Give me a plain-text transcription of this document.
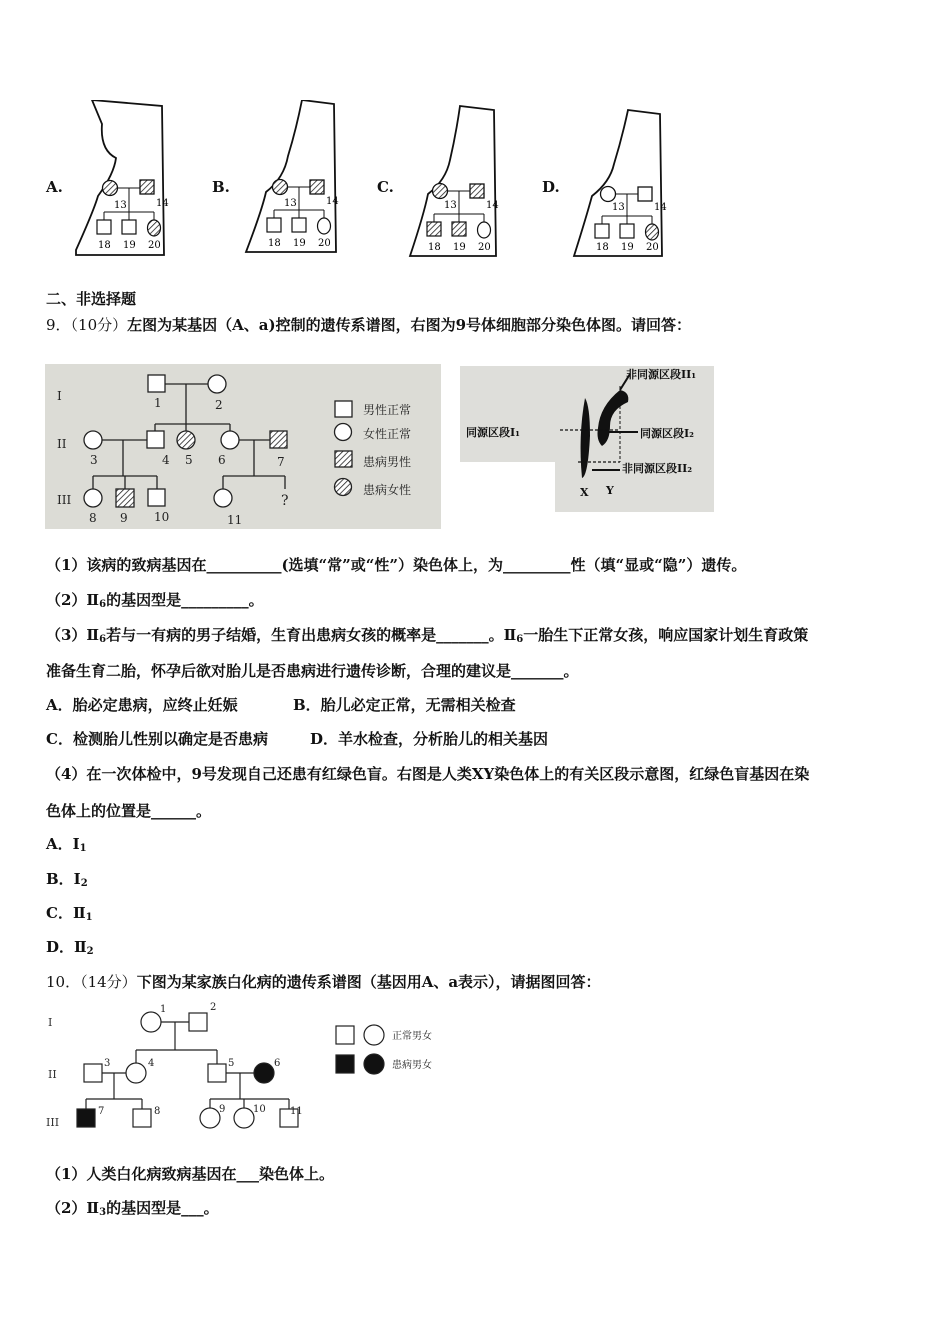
A.	B.	C.	D.
13	14
18 19 20
13	14
18 19 20
13	14
18 19 20
13	14
18 19 20
二、非选择题
9．（10分）左图为某基因（A、a)控制的遗传系谱图，右图为9号体细胞部分染色体图。请回答：
I
II
III
1	2
3	4 5 6	7
8 9 10	11
?
男性正常
女性正常
患病男性
患病女性
非同源区段II₁
同源区段I₁	同源区段I₂
非同源区段II₂
X Y
（1）该病的致病基因在__________(选填“常”或“性”）染色体上，为_________性（填“显或“隐”）遗传。
$(2)Ⅱ_6$的基因型是_________。
$(3)Ⅱ_6$若与一有病的男子结婚，生育出患病女孩的概率是_______。$Ⅱ_6$一胎生下正常女孩，响应国家计划生育政策
准备生育二胎，怀孕后欲对胎儿是否患病进行遗传诊断，合理的建议是_______。
A．胎必定患病，应终止妊娠	B．胎儿必定正常，无需相关检查
C．检测胎儿性别以确定是否患病	D．羊水检查，分析胎儿的相关基因
（4）在一次体检中，9号发现自己还患有红绿色盲。右图是人类XY染色体上的有关区段示意图，红绿色盲基因在染
色体上的位置是______。
A．$I_1$
B．$I_2$
C．$Ⅱ_1$
D．$Ⅱ_2$
10．（14分）下图为某家族白化病的遗传系谱图（基因用A、a表示），请据图回答：
I
II
III
1	2
3	4	5	6
7	8	9	10 11
正常男女
患病男女
（1）人类白化病致病基因在___染色体上。
$(2)Ⅱ_3$的基因型是___。
